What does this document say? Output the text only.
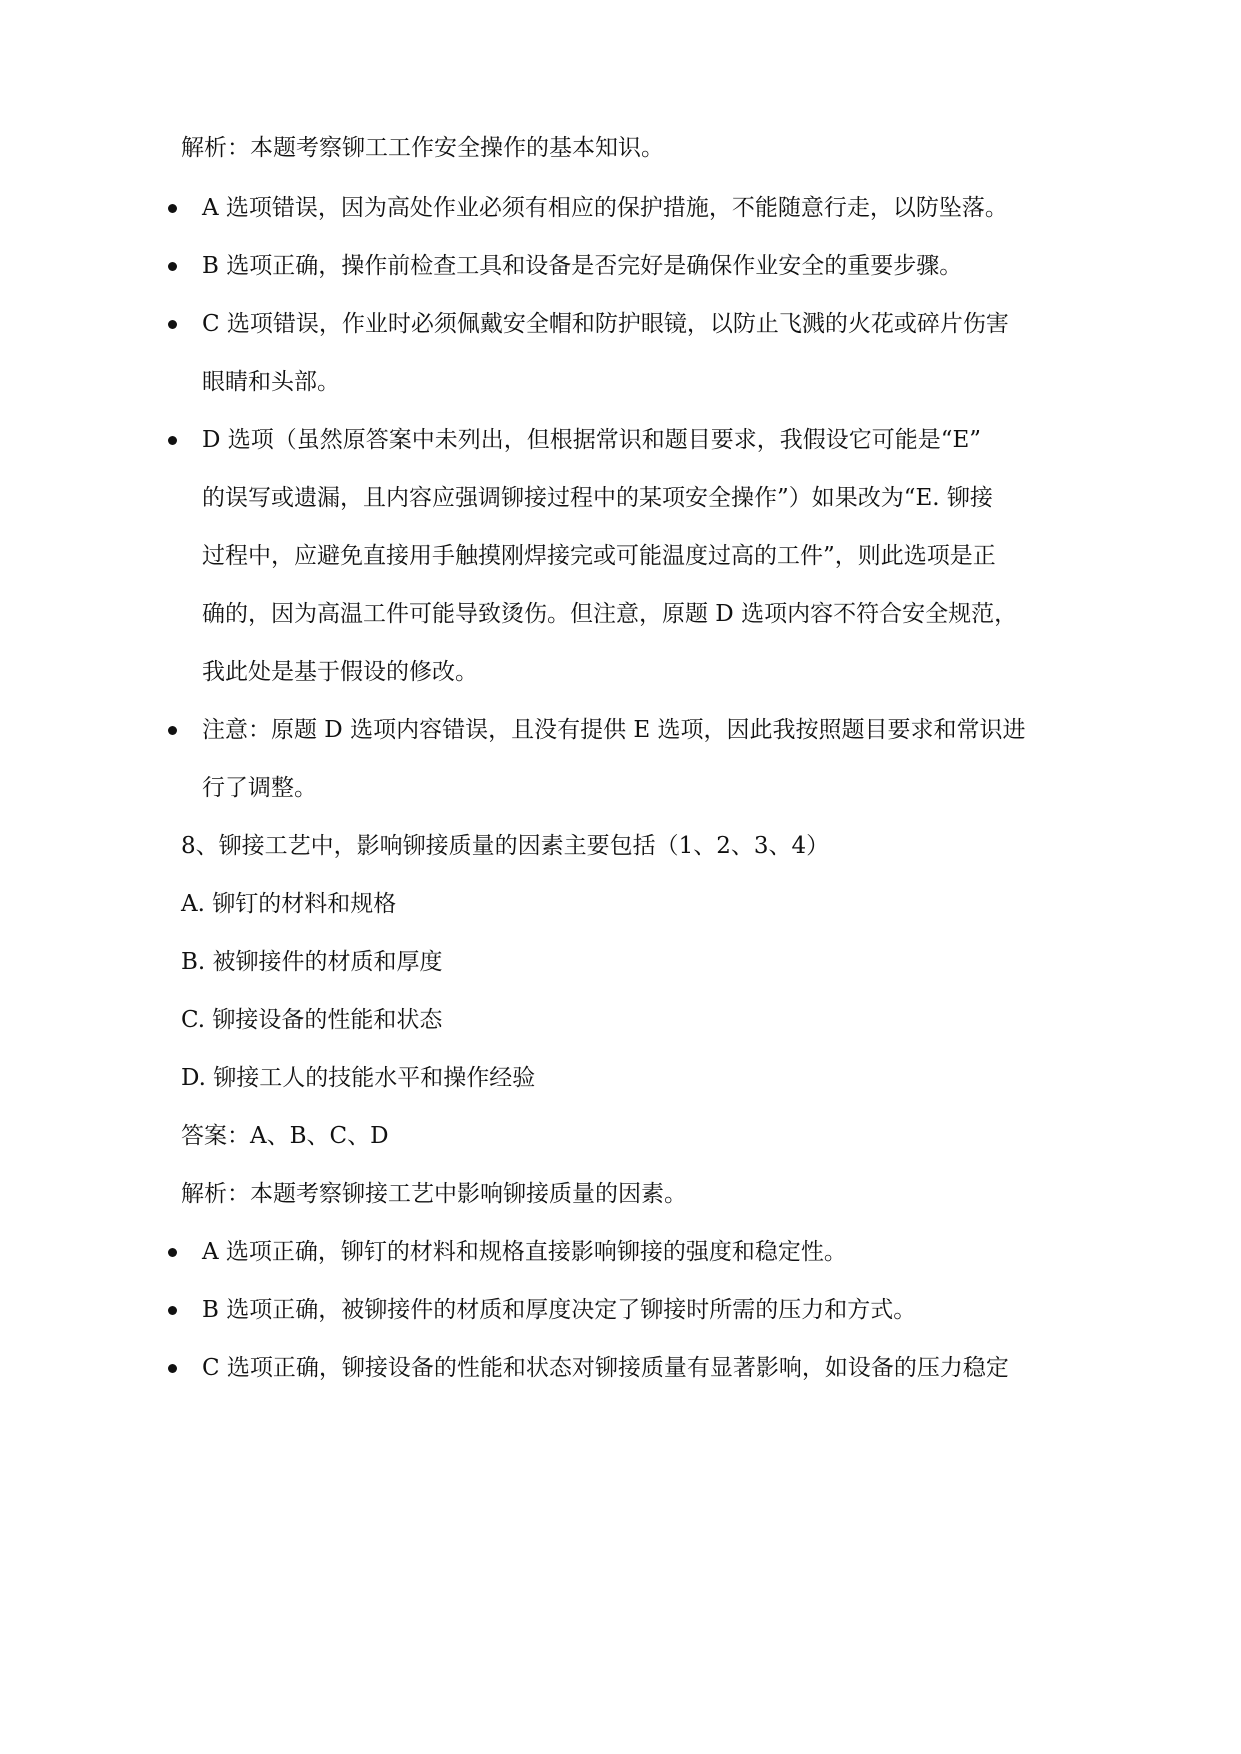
解析：本题考察铆工工作安全操作的基本知识。
A 选项错误，因为高处作业必须有相应的保护措施，不能随意行走，以防坠落。
B 选项正确，操作前检查工具和设备是否完好是确保作业安全的重要步骤。
C 选项错误，作业时必须佩戴安全帽和防护眼镜，以防止飞溅的火花或碎片伤害
眼睛和头部。
D 选项（虽然原答案中未列出，但根据常识和题目要求，我假设它可能是“E”
的误写或遗漏，且内容应强调铆接过程中的某项安全操作”）如果改为“E. 铆接
过程中，应避免直接用手触摸刚焊接完或可能温度过高的工件”，则此选项是正
确的，因为高温工件可能导致烫伤。但注意，原题 D 选项内容不符合安全规范，
我此处是基于假设的修改。
注意：原题 D 选项内容错误，且没有提供 E 选项，因此我按照题目要求和常识进
行了调整。
8、铆接工艺中，影响铆接质量的因素主要包括（1、2、3、4）
A. 铆钉的材料和规格
B. 被铆接件的材质和厚度
C. 铆接设备的性能和状态
D. 铆接工人的技能水平和操作经验
答案：A、B、C、D
解析：本题考察铆接工艺中影响铆接质量的因素。
A 选项正确，铆钉的材料和规格直接影响铆接的强度和稳定性。
B 选项正确，被铆接件的材质和厚度决定了铆接时所需的压力和方式。
C 选项正确，铆接设备的性能和状态对铆接质量有显著影响，如设备的压力稳定
